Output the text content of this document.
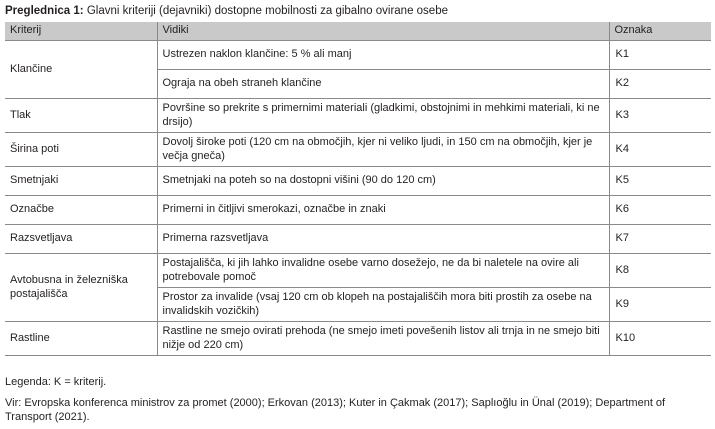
Preglednica 1: Glavni kriteriji (dejavniki) dostopne mobilnosti za gibalno ovirane osebe
Kriterij	Vidiki	Oznaka
Klančine	Ustrezen naklon klančine: 5 % ali manj	K1
	Ograja na obeh straneh klančine	K2
Tlak	Površine so prekrite s primernimi materiali (gladkimi, obstojnimi in mehkimi materiali, ki ne drsijo)	K3
Širina poti	Dovolj široke poti (120 cm na območjih, kjer ni veliko ljudi, in 150 cm na območjih, kjer je večja gneča)	K4
Smetnjaki	Smetnjaki na poteh so na dostopni višini (90 do 120 cm)	K5
Označbe	Primerni in čitljivi smerokazi, označbe in znaki	K6
Razsvetljava	Primerna razsvetljava	K7
Avtobusna in železniška postajališča	Postajališča, ki jih lahko invalidne osebe varno dosežejo, ne da bi naletele na ovire ali potrebovale pomoč	K8
	Prostor za invalide (vsaj 120 cm ob klopeh na postajališčih mora biti prostih za osebe na invalidskih vozičkih)	K9
Rastline	Rastline ne smejo ovirati prehoda (ne smejo imeti povešenih listov ali trnja in ne smejo biti nižje od 220 cm)	K10
Legenda: K = kriterij.
Vir: Evropska konferenca ministrov za promet (2000); Erkovan (2013); Kuter in Çakmak (2017); Saplıoğlu in Ünal (2019); Department of Transport (2021).
